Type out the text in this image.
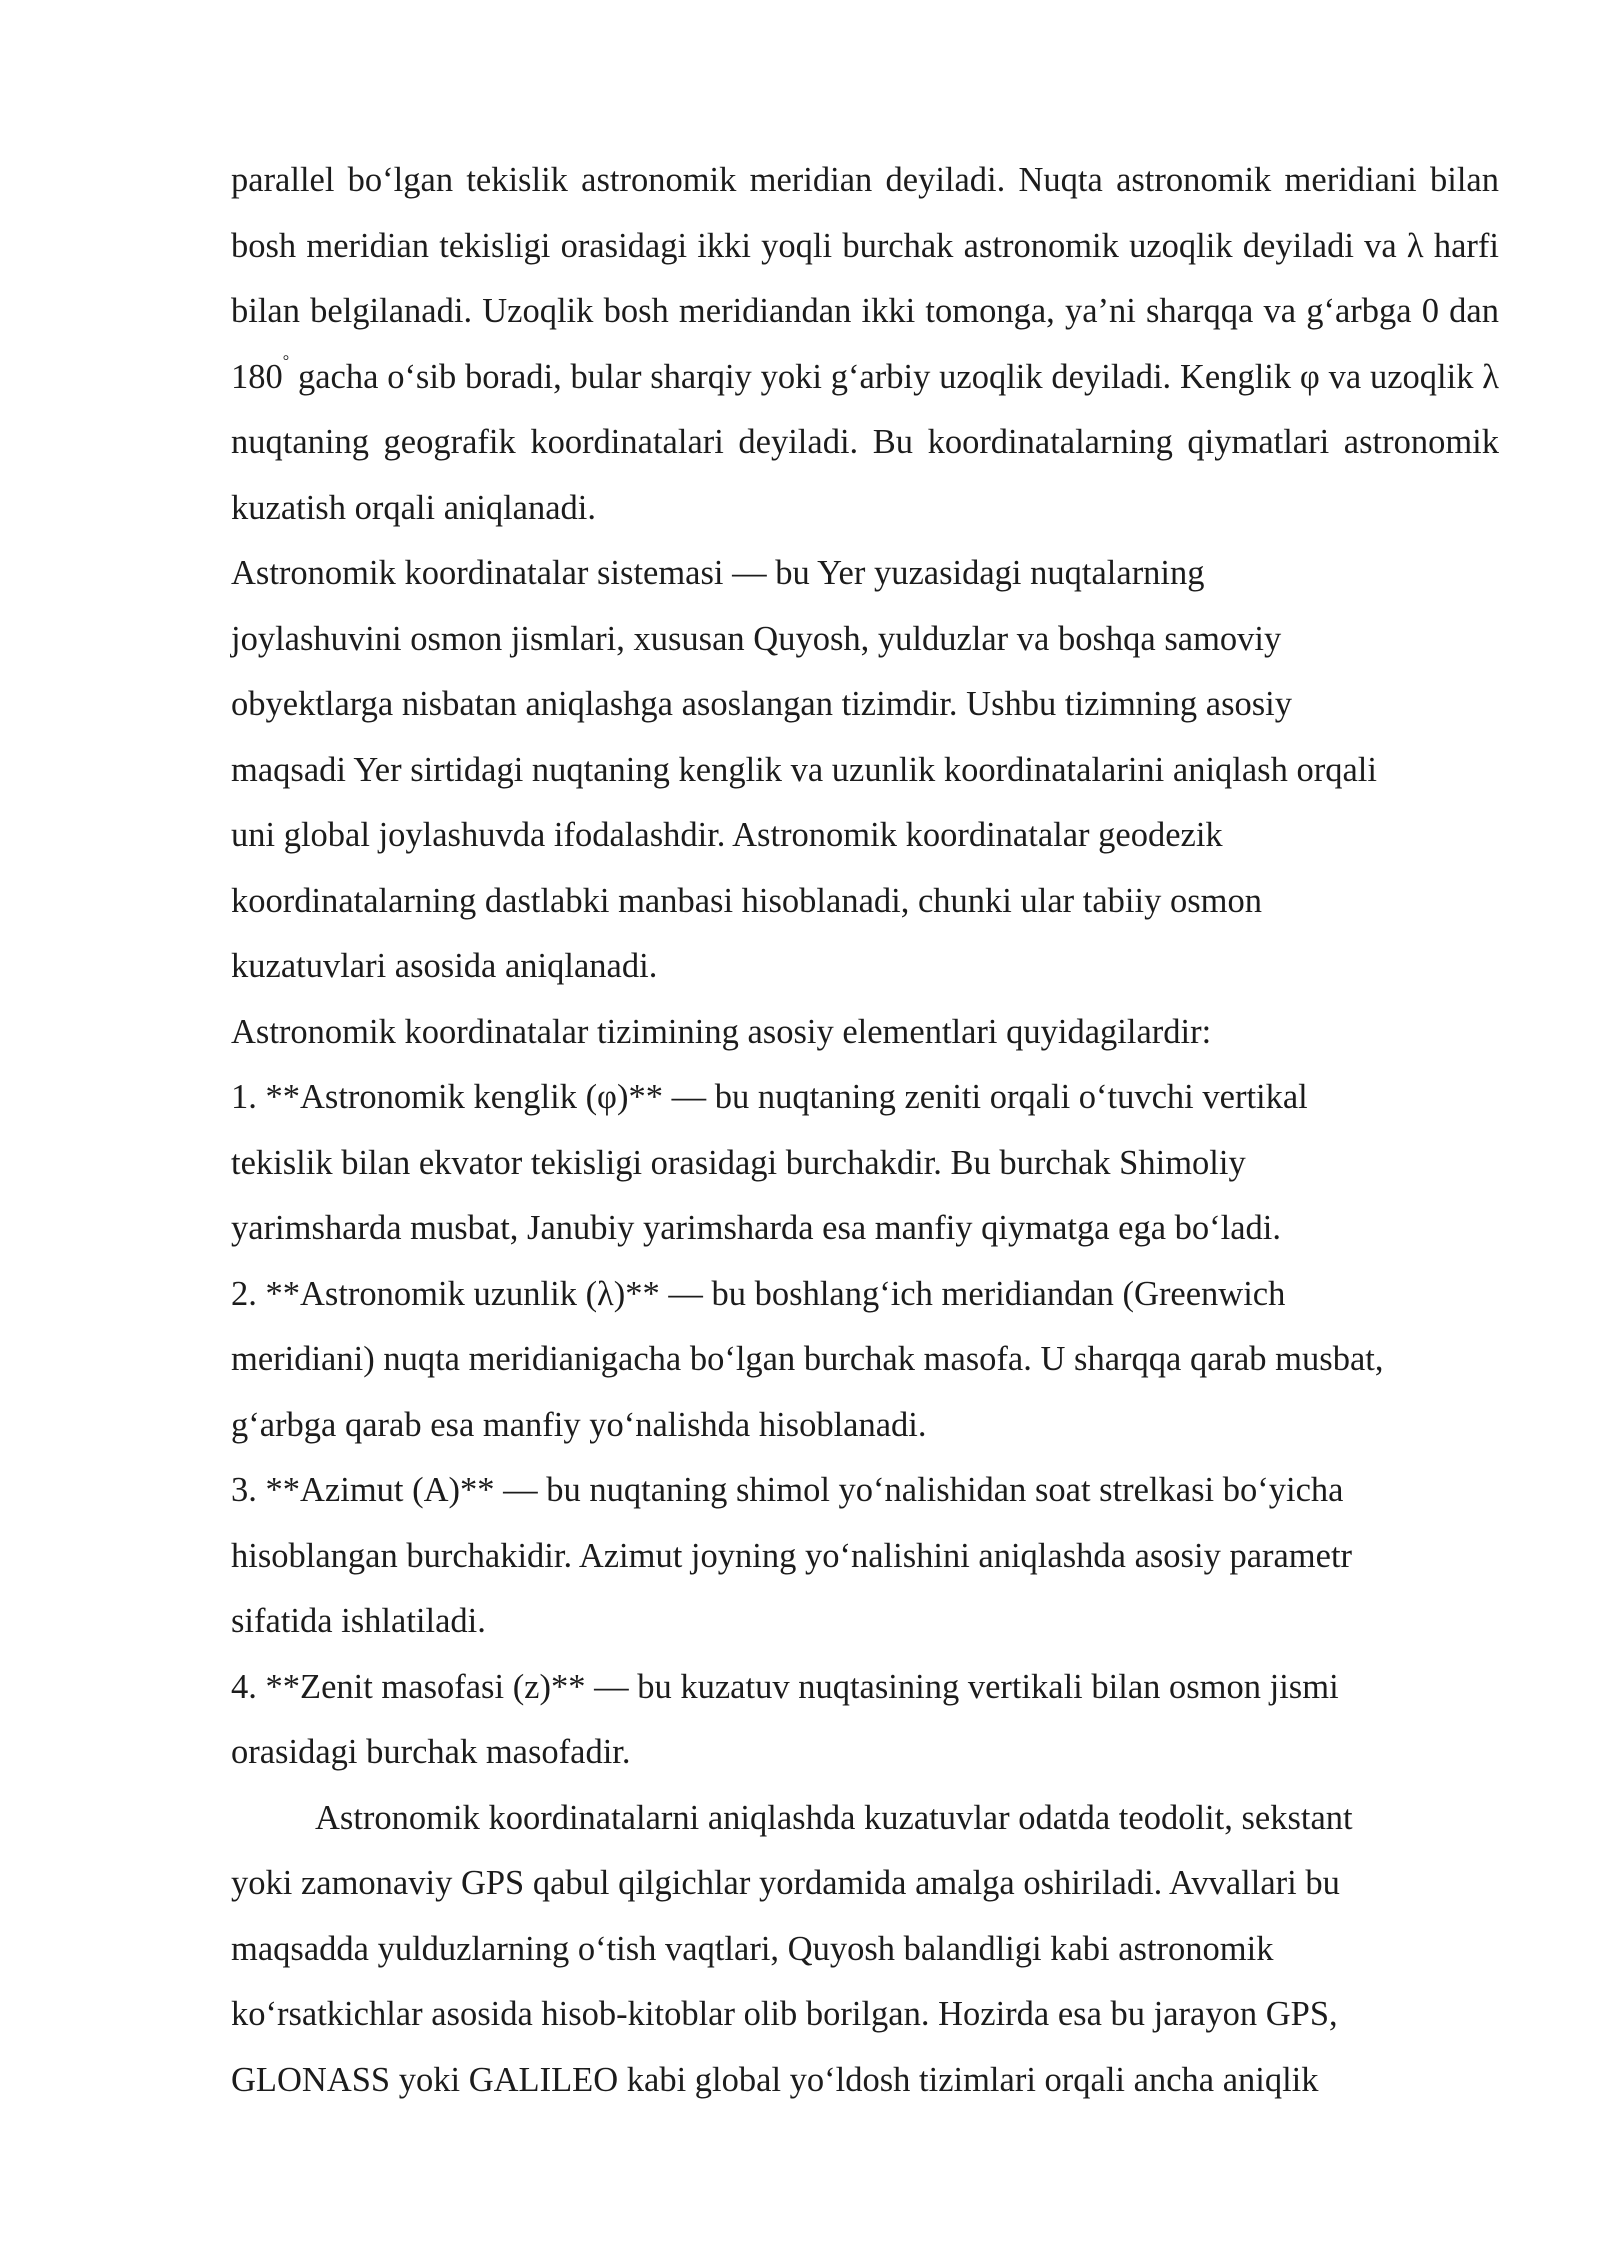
parallel bo‘lgan tekislik astronomik meridian deyiladi. Nuqta astronomik meridiani bilan bosh meridian tekisligi orasidagi ikki yoqli burchak astronomik uzoqlik deyiladi va λ harfi bilan belgilanadi. Uzoqlik bosh meridiandan ikki tomonga, ya’ni sharqqa va g‘arbga 0 dan 180° gacha o‘sib boradi, bular sharqiy yoki g‘arbiy uzoqlik deyiladi. Kenglik φ va uzoqlik λ nuqtaning geografik koordinatalari deyiladi. Bu koordinatalarning qiymatlari astronomik kuzatish orqali aniqlanadi.

Astronomik koordinatalar sistemasi — bu Yer yuzasidagi nuqtalarning
joylashuvini osmon jismlari, xususan Quyosh, yulduzlar va boshqa samoviy
obyektlarga nisbatan aniqlashga asoslangan tizimdir. Ushbu tizimning asosiy
maqsadi Yer sirtidagi nuqtaning kenglik va uzunlik koordinatalarini aniqlash orqali
uni global joylashuvda ifodalashdir. Astronomik koordinatalar geodezik
koordinatalarning dastlabki manbasi hisoblanadi, chunki ular tabiiy osmon
kuzatuvlari asosida aniqlanadi.
Astronomik koordinatalar tizimining asosiy elementlari quyidagilardir:
1. **Astronomik kenglik (φ)** — bu nuqtaning zeniti orqali o‘tuvchi vertikal
tekislik bilan ekvator tekisligi orasidagi burchakdir. Bu burchak Shimoliy
yarimsharda musbat, Janubiy yarimsharda esa manfiy qiymatga ega bo‘ladi.
2. **Astronomik uzunlik (λ)** — bu boshlang‘ich meridiandan (Greenwich
meridiani) nuqta meridianigacha bo‘lgan burchak masofa. U sharqqa qarab musbat,
g‘arbga qarab esa manfiy yo‘nalishda hisoblanadi.
3. **Azimut (A)** — bu nuqtaning shimol yo‘nalishidan soat strelkasi bo‘yicha
hisoblangan burchakidir. Azimut joyning yo‘nalishini aniqlashda asosiy parametr
sifatida ishlatiladi.
4. **Zenit masofasi (z)** — bu kuzatuv nuqtasining vertikali bilan osmon jismi
orasidagi burchak masofadir.
Astronomik koordinatalarni aniqlashda kuzatuvlar odatda teodolit, sekstant
yoki zamonaviy GPS qabul qilgichlar yordamida amalga oshiriladi. Avvallari bu
maqsadda yulduzlarning o‘tish vaqtlari, Quyosh balandligi kabi astronomik
ko‘rsatkichlar asosida hisob-kitoblar olib borilgan. Hozirda esa bu jarayon GPS,
GLONASS yoki GALILEO kabi global yo‘ldosh tizimlari orqali ancha aniqlik
